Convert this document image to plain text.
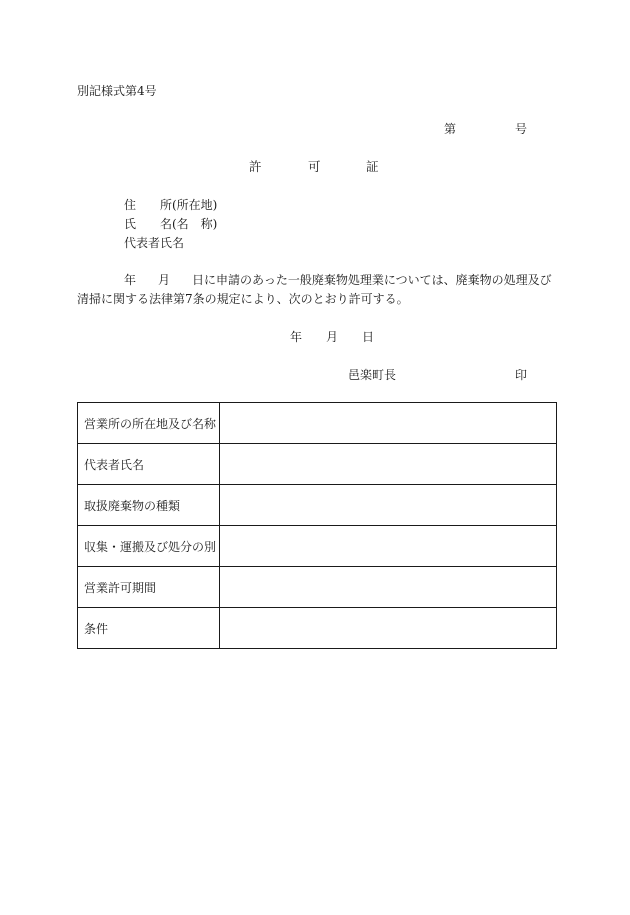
別記様式第4号
第	号
許	可	証
住　　所 (所在地)
氏　　名 (名　称)
代表者氏名
年 月 日に申請のあった一般廃棄物処理業については、廃棄物の処理及び
清掃に関する法律第7条の規定により、次のとおり許可する。
年 月 日
邑楽町長	印
営業所の所在地及び名称	
代表者氏名	
取扱廃棄物の種類	
収集・運搬及び処分の別	
営業許可期間	
条件	
